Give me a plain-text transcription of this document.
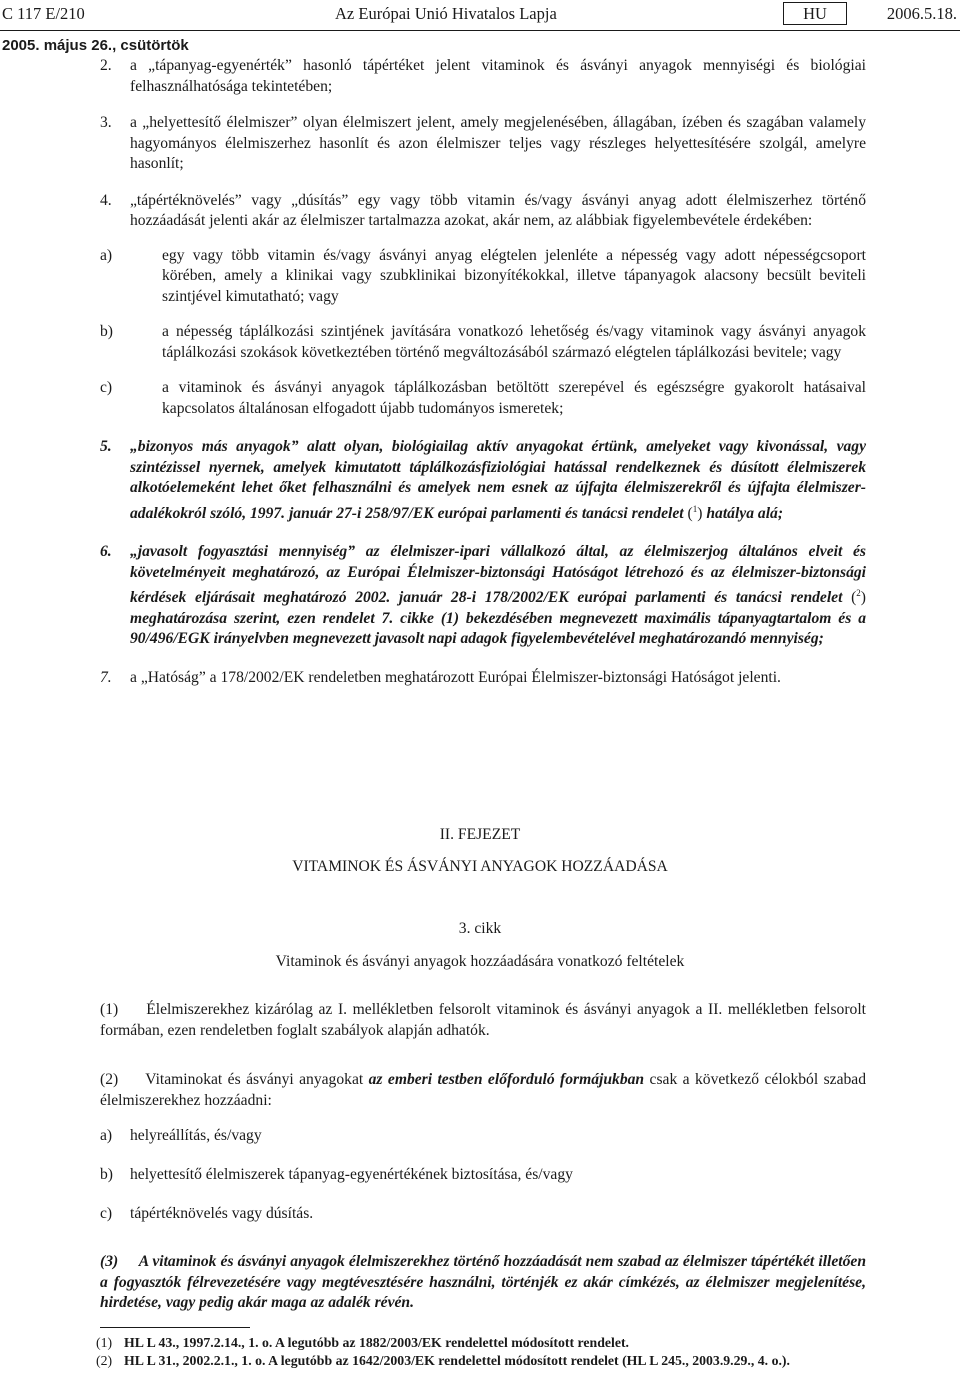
C 117 E/210	Az Európai Unió Hivatalos Lapja	HU	2006.5.18.
2005. május 26., csütörtök
2. a „tápanyag-egyenérték” hasonló tápértéket jelent vitaminok és ásványi anyagok mennyiségi és biológiai felhasználhatósága tekintetében;
3. a „helyettesítő élelmiszer” olyan élelmiszert jelent, amely megjelenésében, állagában, ízében és szagában valamely hagyományos élelmiszerhez hasonlít és azon élelmiszer teljes vagy részleges helyettesítésére szolgál, amelyre hasonlít;
4. „tápértéknövelés” vagy „dúsítás” egy vagy több vitamin és/vagy ásványi anyag adott élelmiszerhez történő hozzáadását jelenti akár az élelmiszer tartalmazza azokat, akár nem, az alábbiak figyelembevétele érdekében:
a)	egy vagy több vitamin és/vagy ásványi anyag elégtelen jelenléte a népesség vagy adott népességcsoport körében, amely a klinikai vagy szubklinikai bizonyítékokkal, illetve tápanyagok alacsony becsült beviteli szintjével kimutatható; vagy
b)	a népesség táplálkozási szintjének javítására vonatkozó lehetőség és/vagy vitaminok vagy ásványi anyagok táplálkozási szokások következtében történő megváltozásából származó elégtelen táplálkozási bevitele; vagy
c)	a vitaminok és ásványi anyagok táplálkozásban betöltött szerepével és egészségre gyakorolt hatásaival kapcsolatos általánosan elfogadott újabb tudományos ismeretek;
5. „bizonyos más anyagok” alatt olyan, biológiailag aktív anyagokat értünk, amelyeket vagy kivonással, vagy szintézissel nyernek, amelyek kimutatott táplálkozásfiziológiai hatással rendelkeznek és dúsított élelmiszerek alkotóelemeként lehet őket felhasználni és amelyek nem esnek az újfajta élelmiszerekről és újfajta élelmiszer-adalékokról szóló, 1997. január 27-i 258/97/EK európai parlamenti és tanácsi rendelet ($^1$) hatálya alá;
6. „javasolt fogyasztási mennyiség” az élelmiszer-ipari vállalkozó által, az élelmiszerjog általános elveit és követelményeit meghatározó, az Európai Élelmiszer-biztonsági Hatóságot létrehozó és az élelmiszer-biztonsági kérdések eljárásait meghatározó 2002. január 28-i 178/2002/EK európai parlamenti és tanácsi rendelet ($^2$) meghatározása szerint, ezen rendelet 7. cikke (1) bekezdésében megnevezett maximális tápanyagtartalom és a 90/496/EGK irányelvben megnevezett javasolt napi adagok figyelembevételével meghatározandó mennyiség;
7. a „Hatóság” a 178/2002/EK rendeletben meghatározott Európai Élelmiszer-biztonsági Hatóságot jelenti.
II. FEJEZET
VITAMINOK ÉS ÁSVÁNYI ANYAGOK HOZZÁADÁSA
3. cikk
Vitaminok és ásványi anyagok hozzáadására vonatkozó feltételek
(1) Élelmiszerekhez kizárólag az I. mellékletben felsorolt vitaminok és ásványi anyagok a II. mellékletben felsorolt formában, ezen rendeletben foglalt szabályok alapján adhatók.
(2) Vitaminokat és ásványi anyagokat az emberi testben előforduló formájukban csak a következő célokból szabad élelmiszerekhez hozzáadni:
a) helyreállítás, és/vagy
b) helyettesítő élelmiszerek tápanyag-egyenértékének biztosítása, és/vagy
c) tápértéknövelés vagy dúsítás.
(3) A vitaminok és ásványi anyagok élelmiszerekhez történő hozzáadását nem szabad az élelmiszer tápértékét illetően a fogyasztók félrevezetésére vagy megtévesztésére használni, történjék ez akár címkézés, az élelmiszer megjelenítése, hirdetése, vagy pedig akár maga az adalék révén.
(1) HL L 43., 1997.2.14., 1. o. A legutóbb az 1882/2003/EK rendelettel módosított rendelet.
(2) HL L 31., 2002.2.1., 1. o. A legutóbb az 1642/2003/EK rendelettel módosított rendelet (HL L 245., 2003.9.29., 4. o.).
